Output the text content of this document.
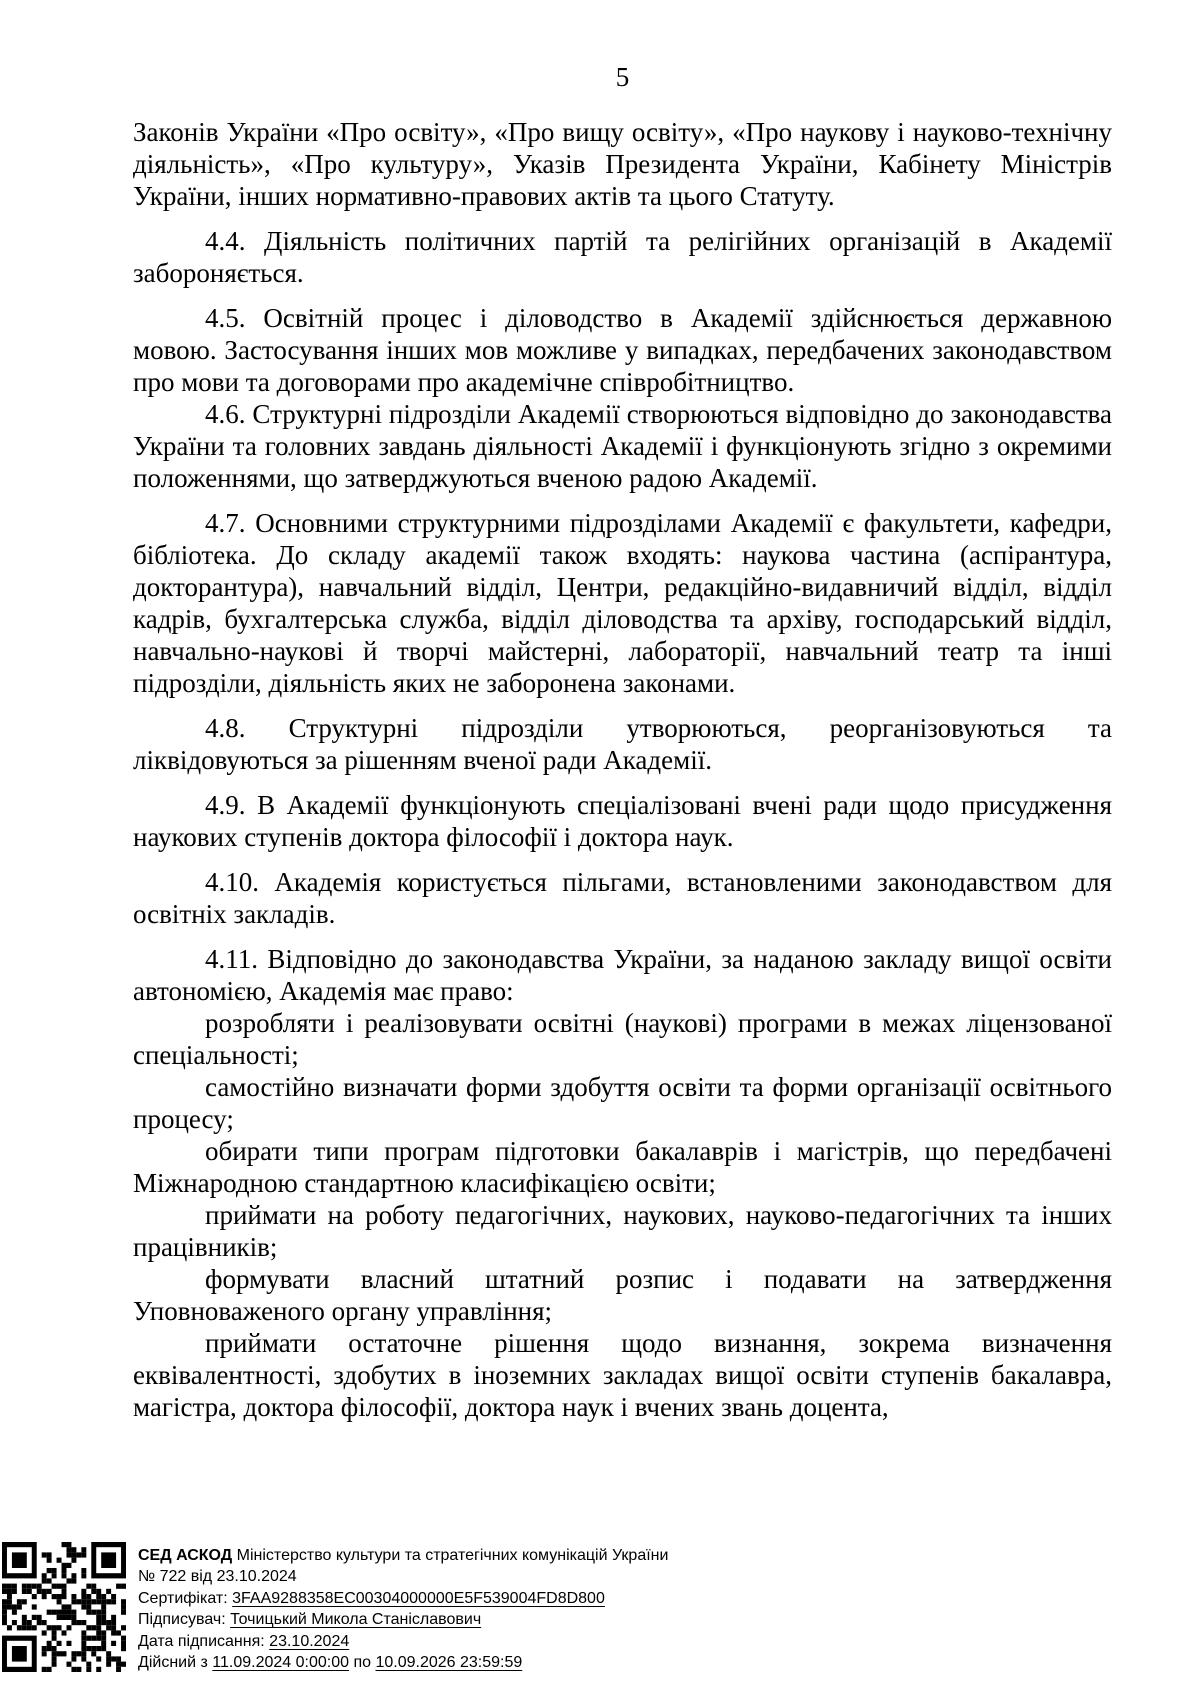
5

Законів України «Про освіту», «Про вищу освіту», «Про наукову і науково-технічну діяльність», «Про культуру», Указів Президента України, Кабінету Міністрів України, інших нормативно-правових актів та цього Статуту.

4.4. Діяльність політичних партій та релігійних організацій в Академії забороняється.

4.5. Освітній процес і діловодство в Академії здійснюється державною мовою. Застосування інших мов можливе у випадках, передбачених законодавством про мови та договорами про академічне співробітництво.

4.6. Структурні підрозділи Академії створюються відповідно до законодавства України та головних завдань діяльності Академії і функціонують згідно з окремими положеннями, що затверджуються вченою радою Академії.

4.7. Основними структурними підрозділами Академії є факультети, кафедри, бібліотека. До складу академії також входять: наукова частина (аспірантура, докторантура), навчальний відділ, Центри, редакційно-видавничий відділ, відділ кадрів, бухгалтерська служба, відділ діловодства та архіву, господарський відділ, навчально-наукові й творчі майстерні, лабораторії, навчальний театр та інші підрозділи, діяльність яких не заборонена законами.

4.8. Структурні підрозділи утворюються, реорганізовуються та ліквідовуються за рішенням вченої ради Академії.

4.9. В Академії функціонують спеціалізовані вчені ради щодо присудження наукових ступенів доктора філософії і доктора наук.

4.10. Академія користується пільгами, встановленими законодавством для освітніх закладів.

4.11. Відповідно до законодавства України, за наданою закладу вищої освіти автономією, Академія має право:

розробляти і реалізовувати освітні (наукові) програми в межах ліцензованої спеціальності;

самостійно визначати форми здобуття освіти та форми організації освітнього процесу;

обирати типи програм підготовки бакалаврів і магістрів, що передбачені Міжнародною стандартною класифікацією освіти;

приймати на роботу педагогічних, наукових, науково-педагогічних та інших працівників;

формувати власний штатний розпис і подавати на затвердження Уповноваженого органу управління;

приймати остаточне рішення щодо визнання, зокрема визначення еквівалентності, здобутих в іноземних закладах вищої освіти ступенів бакалавра, магістра, доктора філософії, доктора наук і вчених звань доцента,

СЕД АСКОД Міністерство культури та стратегічних комунікацій України
№ 722 від 23.10.2024
Сертифікат: 3FAA9288358EC00304000000E5F539004FD8D800
Підписувач: Точицький Микола Станіславович
Дата підписання: 23.10.2024
Дійсний з 11.09.2024 0:00:00 по 10.09.2026 23:59:59
